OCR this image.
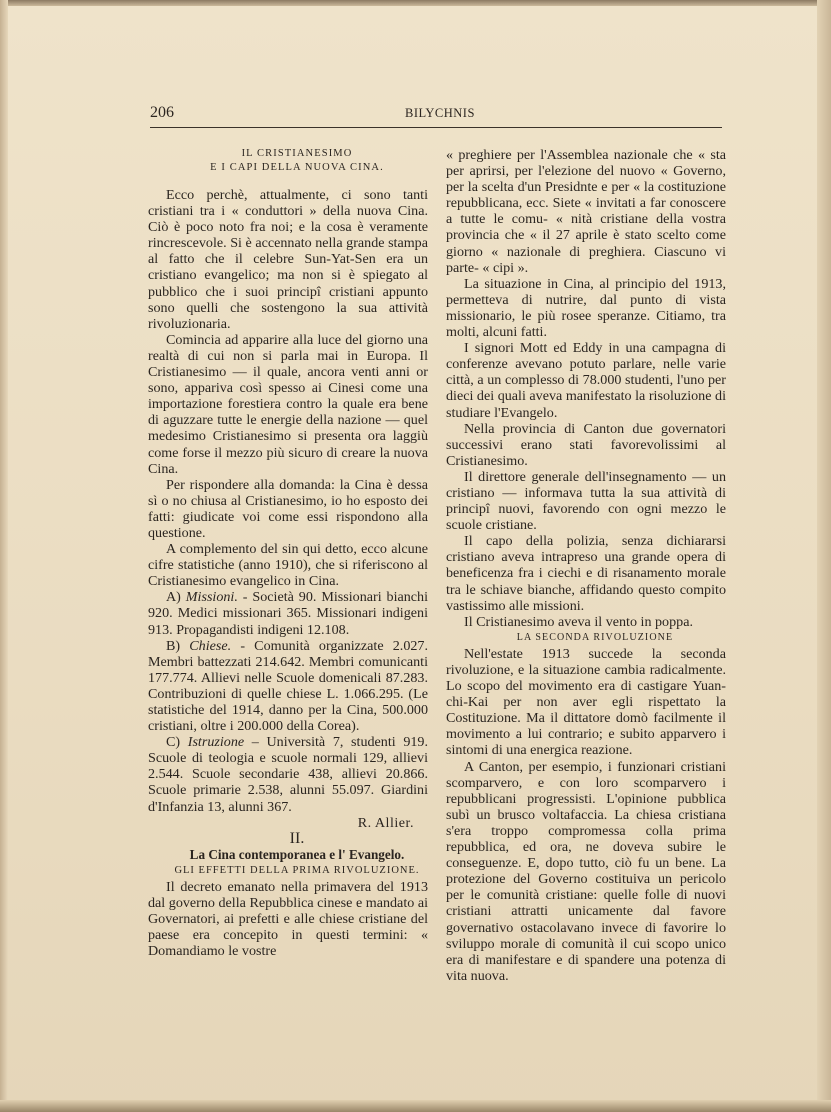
206	BILYCHNIS

IL CRISTIANESIMO

E I CAPI DELLA NUOVA CINA.

Ecco perchè, attualmente, ci sono tanti cristiani tra i « conduttori » della nuova Cina. Ciò è poco noto fra noi; e la cosa è veramente rincrescevole. Si è accennato nella grande stampa al fatto che il celebre Sun-Yat-Sen era un cristiano evangelico; ma non si è spiegato al pubblico che i suoi principî cristiani appunto sono quelli che sostengono la sua attività rivoluzionaria.

Comincia ad apparire alla luce del giorno una realtà di cui non si parla mai in Europa. Il Cristianesimo — il quale, ancora venti anni or sono, appariva così spesso ai Cinesi come una importazione forestiera contro la quale era bene di aguzzare tutte le energie della nazione — quel medesimo Cristianesimo si presenta ora laggiù come forse il mezzo più sicuro di creare la nuova Cina.

Per rispondere alla domanda: la Cina è dessa sì o no chiusa al Cristianesimo, io ho esposto dei fatti: giudicate voi come essi rispondono alla questione.

A complemento del sin qui detto, ecco alcune cifre statistiche (anno 1910), che si riferiscono al Cristianesimo evangelico in Cina.

A) Missioni. - Società 90. Missionari bianchi 920. Medici missionari 365. Missionari indigeni 913. Propagandisti indigeni 12.108.

B) Chiese. - Comunità organizzate 2.027. Membri battezzati 214.642. Membri comunicanti 177.774. Allievi nelle Scuole domenicali 87.283. Contribuzioni di quelle chiese L. 1.066.295. (Le statistiche del 1914, danno per la Cina, 500.000 cristiani, oltre i 200.000 della Corea).

C) Istruzione – Università 7, studenti 919. Scuole di teologia e scuole normali 129, allievi 2.544. Scuole secondarie 438, allievi 20.866. Scuole primarie 2.538, alunni 55.097. Giardini d'Infanzia 13, alunni 367.

R. Allier.

II.

La Cina contemporanea e l' Evangelo.

GLI EFFETTI DELLA PRIMA RIVOLUZIONE.

Il decreto emanato nella primavera del 1913 dal governo della Repubblica cinese e mandato ai Governatori, ai prefetti e alle chiese cristiane del paese era concepito in questi termini: « Domandiamo le vostre

« preghiere per l'Assemblea nazionale che « sta per aprirsi, per l'elezione del nuovo « Governo, per la scelta d'un Presidnte e per « la costituzione repubblicana, ecc. Siete « invitati a far conoscere a tutte le comu- « nità cristiane della vostra provincia che « il 27 aprile è stato scelto come giorno « nazionale di preghiera. Ciascuno vi parte- « cipi ».

La situazione in Cina, al principio del 1913, permetteva di nutrire, dal punto di vista missionario, le più rosee speranze. Citiamo, tra molti, alcuni fatti.

I signori Mott ed Eddy in una campagna di conferenze avevano potuto parlare, nelle varie città, a un complesso di 78.000 studenti, l'uno per dieci dei quali aveva manifestato la risoluzione di studiare l'Evangelo.

Nella provincia di Canton due governatori successivi erano stati favorevolissimi al Cristianesimo.

Il direttore generale dell'insegnamento — un cristiano — informava tutta la sua attività di principî nuovi, favorendo con ogni mezzo le scuole cristiane.

Il capo della polizia, senza dichiararsi cristiano aveva intrapreso una grande opera di beneficenza fra i ciechi e di risanamento morale tra le schiave bianche, affidando questo compito vastissimo alle missioni.

Il Cristianesimo aveva il vento in poppa.

LA SECONDA RIVOLUZIONE

Nell'estate 1913 succede la seconda rivoluzione, e la situazione cambia radicalmente. Lo scopo del movimento era di castigare Yuan-chi-Kai per non aver egli rispettato la Costituzione. Ma il dittatore domò facilmente il movimento a lui contrario; e subito apparvero i sintomi di una energica reazione.

A Canton, per esempio, i funzionari cristiani scomparvero, e con loro scomparvero i repubblicani progressisti. L'opinione pubblica subì un brusco voltafaccia. La chiesa cristiana s'era troppo compromessa colla prima repubblica, ed ora, ne doveva subire le conseguenze. E, dopo tutto, ciò fu un bene. La protezione del Governo costituiva un pericolo per le comunità cristiane: quelle folle di nuovi cristiani attratti unicamente dal favore governativo ostacolavano invece di favorire lo sviluppo morale di comunità il cui scopo unico era di manifestare e di spandere una potenza di vita nuova.
